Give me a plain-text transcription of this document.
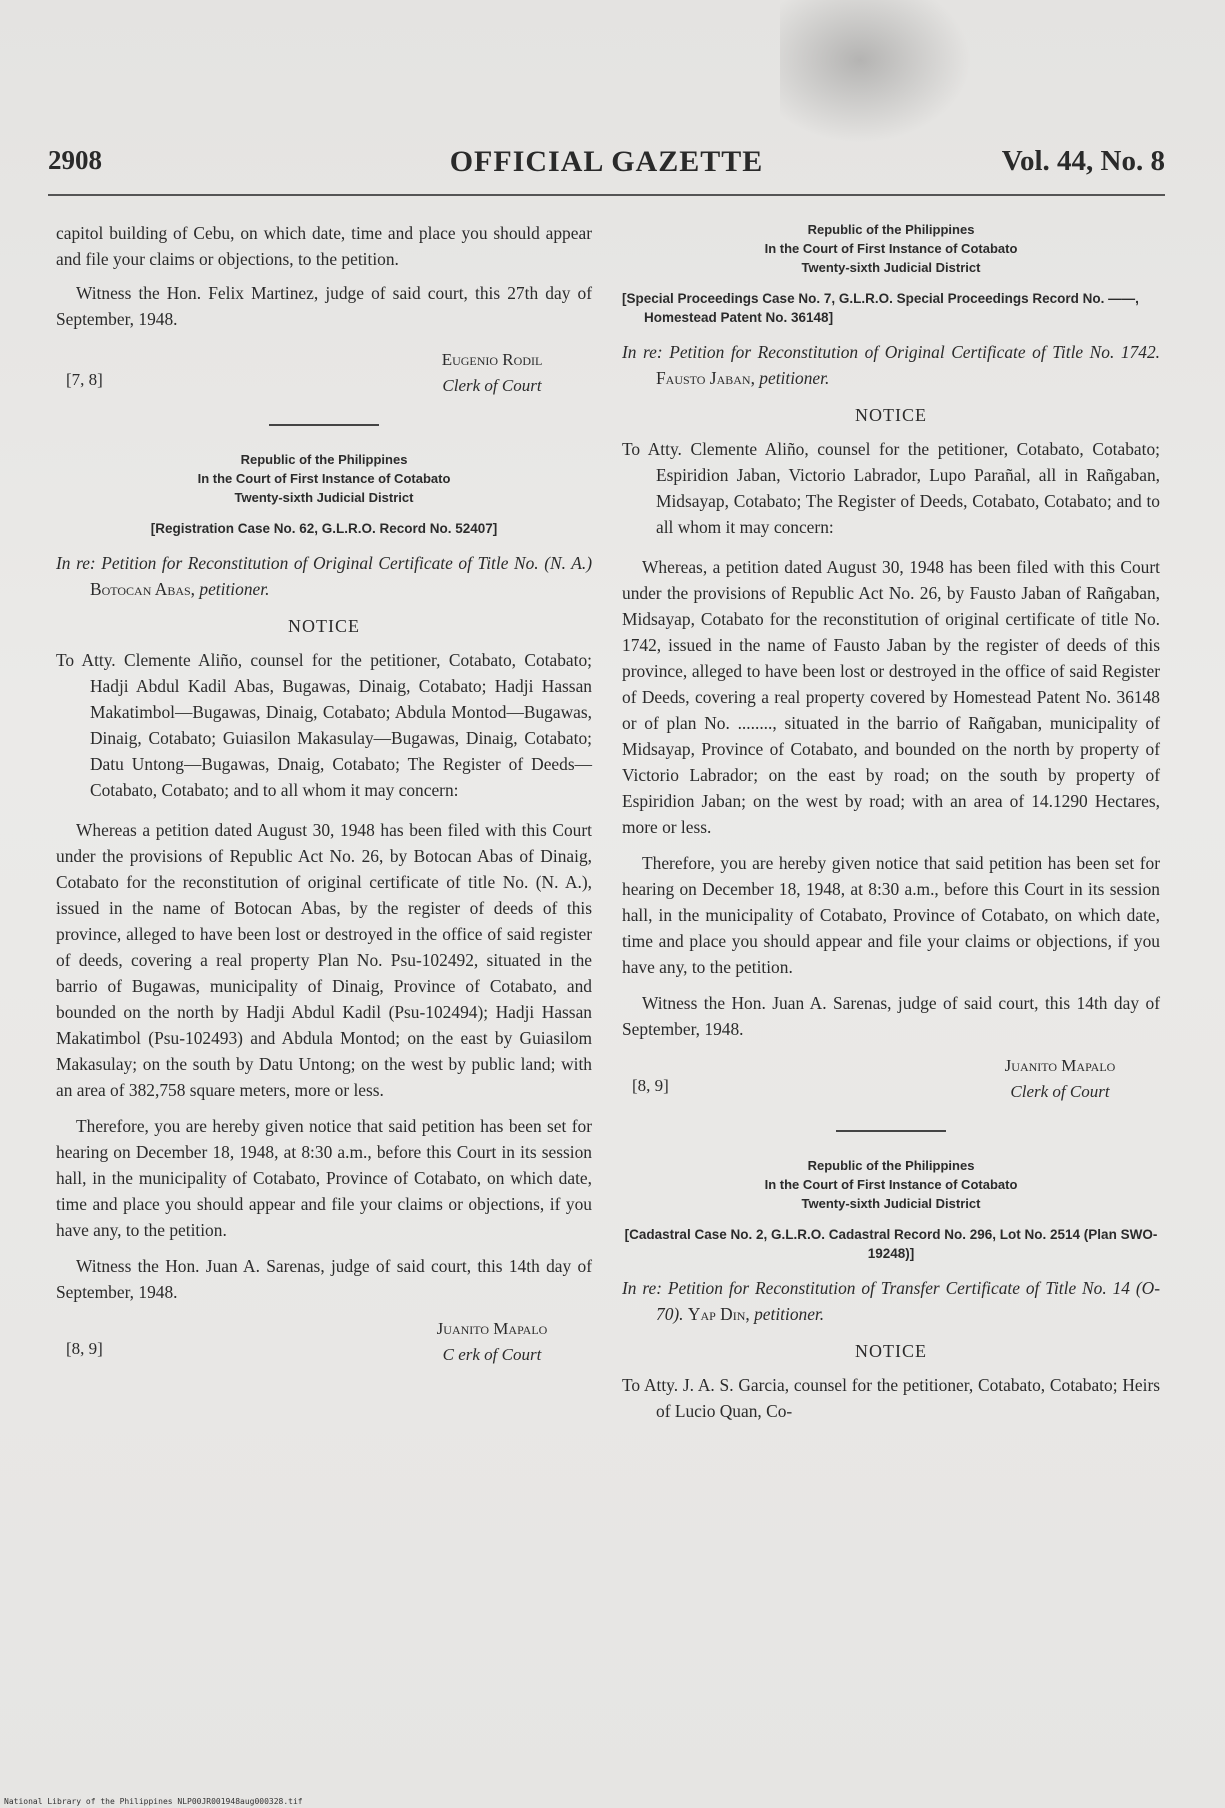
2908	OFFICIAL GAZETTE	Vol. 44, No. 8

capitol building of Cebu, on which date, time and place you should appear and file your claims or objections, to the petition.

Witness the Hon. Felix Martinez, judge of said court, this 27th day of September, 1948.

[7, 8]
Eugenio Rodil
Clerk of Court
Republic of the Philippines
In the Court of First Instance of Cotabato
Twenty-sixth Judicial District
[Registration Case No. 62, G.L.R.O. Record No. 52407]

In re: Petition for Reconstitution of Original Certificate of Title No. (N. A.) Botocan Abas, petitioner.

NOTICE

To Atty. Clemente Aliño, counsel for the petitioner, Cotabato, Cotabato; Hadji Abdul Kadil Abas, Bugawas, Dinaig, Cotabato; Hadji Hassan Makatimbol—Bugawas, Dinaig, Cotabato; Abdula Montod—Bugawas, Dinaig, Cotabato; Guiasilon Makasulay—Bugawas, Dinaig, Cotabato; Datu Untong—Bugawas, Dnaig, Cotabato; The Register of Deeds—Cotabato, Cotabato; and to all whom it may concern:

Whereas a petition dated August 30, 1948 has been filed with this Court under the provisions of Republic Act No. 26, by Botocan Abas of Dinaig, Cotabato for the reconstitution of original certificate of title No. (N. A.), issued in the name of Botocan Abas, by the register of deeds of this province, alleged to have been lost or destroyed in the office of said register of deeds, covering a real property Plan No. Psu-102492, situated in the barrio of Bugawas, municipality of Dinaig, Province of Cotabato, and bounded on the north by Hadji Abdul Kadil (Psu-102494); Hadji Hassan Makatimbol (Psu-102493) and Abdula Montod; on the east by Guiasilom Makasulay; on the south by Datu Untong; on the west by public land; with an area of 382,758 square meters, more or less.

Therefore, you are hereby given notice that said petition has been set for hearing on December 18, 1948, at 8:30 a.m., before this Court in its session hall, in the municipality of Cotabato, Province of Cotabato, on which date, time and place you should appear and file your claims or objections, if you have any, to the petition.

Witness the Hon. Juan A. Sarenas, judge of said court, this 14th day of September, 1948.

[8, 9]
Juanito Mapalo
C erk of Court
Republic of the Philippines
In the Court of First Instance of Cotabato
Twenty-sixth Judicial District
[Special Proceedings Case No. 7, G.L.R.O. Special Proceedings Record No. ——, Homestead Patent No. 36148]

In re: Petition for Reconstitution of Original Certificate of Title No. 1742. Fausto Jaban, petitioner.

NOTICE

To Atty. Clemente Aliño, counsel for the petitioner, Cotabato, Cotabato; Espiridion Jaban, Victorio Labrador, Lupo Parañal, all in Rañgaban, Midsayap, Cotabato; The Register of Deeds, Cotabato, Cotabato; and to all whom it may concern:

Whereas, a petition dated August 30, 1948 has been filed with this Court under the provisions of Republic Act No. 26, by Fausto Jaban of Rañgaban, Midsayap, Cotabato for the reconstitution of original certificate of title No. 1742, issued in the name of Fausto Jaban by the register of deeds of this province, alleged to have been lost or destroyed in the office of said Register of Deeds, covering a real property covered by Homestead Patent No. 36148 or of plan No. ........, situated in the barrio of Rañgaban, municipality of Midsayap, Province of Cotabato, and bounded on the north by property of Victorio Labrador; on the east by road; on the south by property of Espiridion Jaban; on the west by road; with an area of 14.1290 Hectares, more or less.

Therefore, you are hereby given notice that said petition has been set for hearing on December 18, 1948, at 8:30 a.m., before this Court in its session hall, in the municipality of Cotabato, Province of Cotabato, on which date, time and place you should appear and file your claims or objections, if you have any, to the petition.

Witness the Hon. Juan A. Sarenas, judge of said court, this 14th day of September, 1948.

[8, 9]
Juanito Mapalo
Clerk of Court
Republic of the Philippines
In the Court of First Instance of Cotabato
Twenty-sixth Judicial District
[Cadastral Case No. 2, G.L.R.O. Cadastral Record No. 296, Lot No. 2514 (Plan SWO-19248)]

In re: Petition for Reconstitution of Transfer Certificate of Title No. 14 (O-70). Yap Din, petitioner.

NOTICE

To Atty. J. A. S. Garcia, counsel for the petitioner, Cotabato, Cotabato; Heirs of Lucio Quan, Co-

National Library of the Philippines NLP00JR001948aug000328.tif
